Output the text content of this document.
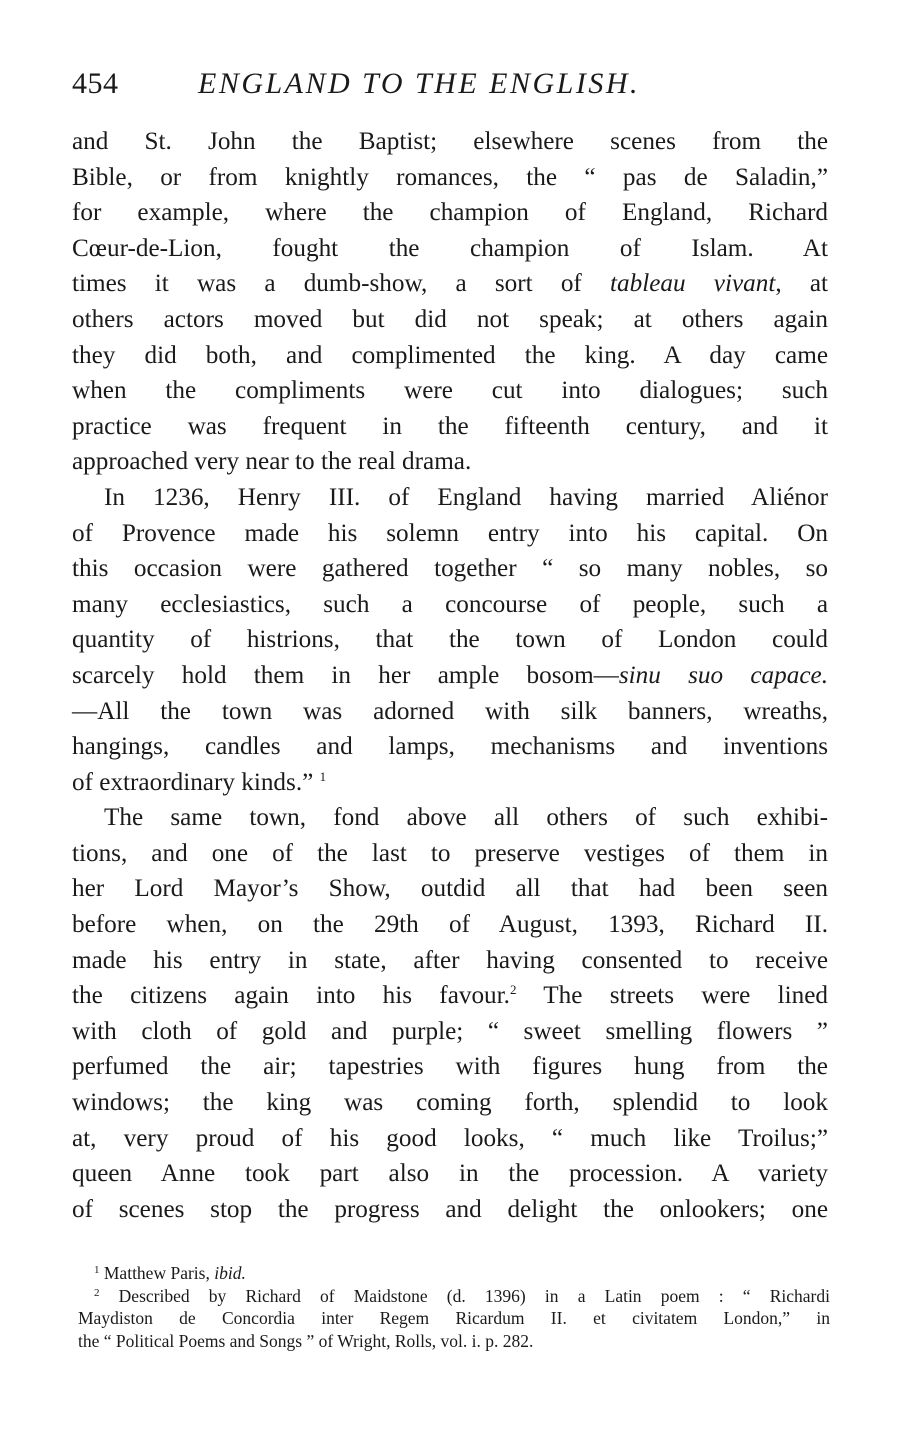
454	ENGLAND TO THE ENGLISH.
and St. John the Baptist; elsewhere scenes from the
Bible, or from knightly romances, the “ pas de Saladin,”
for example, where the champion of England, Richard
Cœur-de-Lion, fought the champion of Islam. At
times it was a dumb-show, a sort of tableau vivant, at
others actors moved but did not speak; at others again
they did both, and complimented the king. A day came
when the compliments were cut into dialogues; such
practice was frequent in the fifteenth century, and it
approached very near to the real drama.
In 1236, Henry III. of England having married Aliénor
of Provence made his solemn entry into his capital. On
this occasion were gathered together “ so many nobles, so
many ecclesiastics, such a concourse of people, such a
quantity of histrions, that the town of London could
scarcely hold them in her ample bosom—sinu suo capace.
—All the town was adorned with silk banners, wreaths,
hangings, candles and lamps, mechanisms and inventions
of extraordinary kinds.” $^1$
The same town, fond above all others of such exhibi-
tions, and one of the last to preserve vestiges of them in
her Lord Mayor’s Show, outdid all that had been seen
before when, on the 29th of August, 1393, Richard II.
made his entry in state, after having consented to receive
the citizens again into his favour.$^2$ The streets were lined
with cloth of gold and purple; “ sweet smelling flowers ”
perfumed the air; tapestries with figures hung from the
windows; the king was coming forth, splendid to look
at, very proud of his good looks, “ much like Troilus;”
queen Anne took part also in the procession. A variety
of scenes stop the progress and delight the onlookers; one
$^1$ Matthew Paris, ibid.
$^2$ Described by Richard of Maidstone (d. 1396) in a Latin poem : “ Richardi
Maydiston de Concordia inter Regem Ricardum II. et civitatem London,” in
the “ Political Poems and Songs ” of Wright, Rolls, vol. i. p. 282.
